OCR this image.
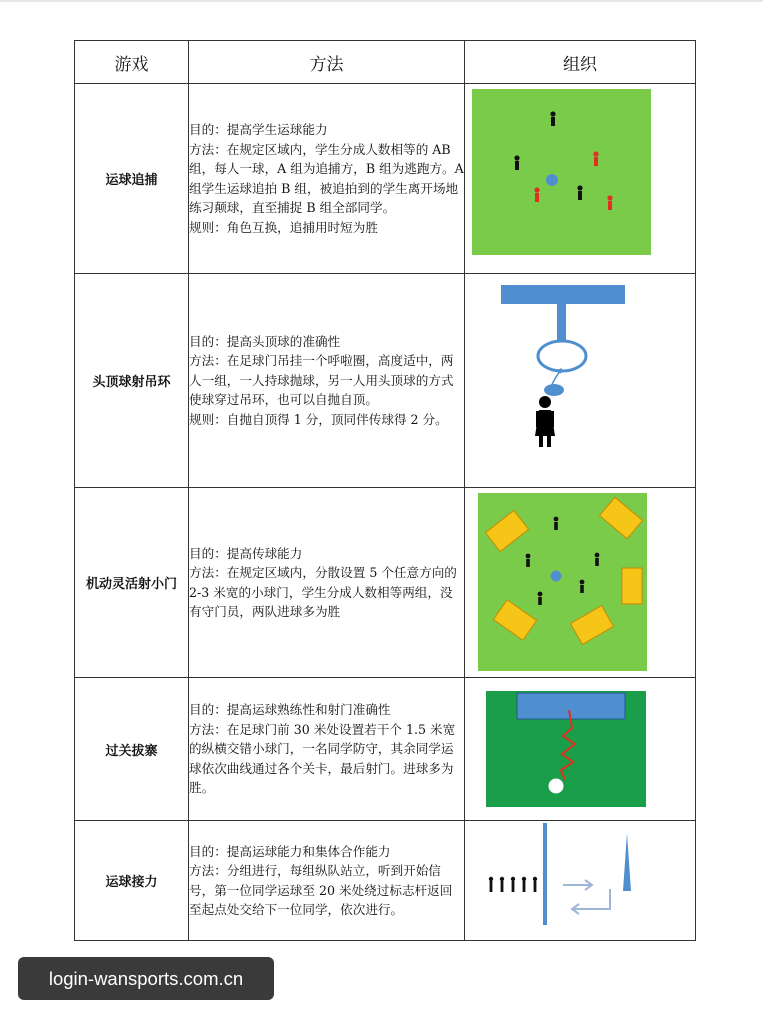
游戏	方法	组织
运球追捕	目的：提高学生运球能力

方法：在规定区域内，学生分成人数相等的 AB 组，每人一球，A 组为追捕方，B 组为逃跑方。A 组学生运球追拍 B 组，被追拍到的学生离开场地练习颠球，直至捕捉 B 组全部同学。

规则：角色互换，追捕用时短为胜

头顶球射吊环	目的：提高头顶球的准确性

方法：在足球门吊挂一个呼啦圈，高度适中，两人一组，一人持球抛球，另一人用头顶球的方式使球穿过吊环，也可以自抛自顶。

规则：自抛自顶得 1 分，顶同伴传球得 2 分。

机动灵活射小门	目的：提高传球能力

方法：在规定区域内，分散设置 5 个任意方向的 2-3 米宽的小球门，学生分成人数相等两组，没有守门员，两队进球多为胜

过关拔寨	目的：提高运球熟练性和射门准确性

方法：在足球门前 30 米处设置若干个 1.5 米宽的纵横交错小球门，一名同学防守，其余同学运球依次曲线通过各个关卡，最后射门。进球多为胜。

运球接力	目的：提高运球能力和集体合作能力

方法：分组进行，每组纵队站立，听到开始信号，第一位同学运球至 20 米处绕过标志杆返回至起点处交给下一位同学，依次进行。

login-wansports.com.cn
